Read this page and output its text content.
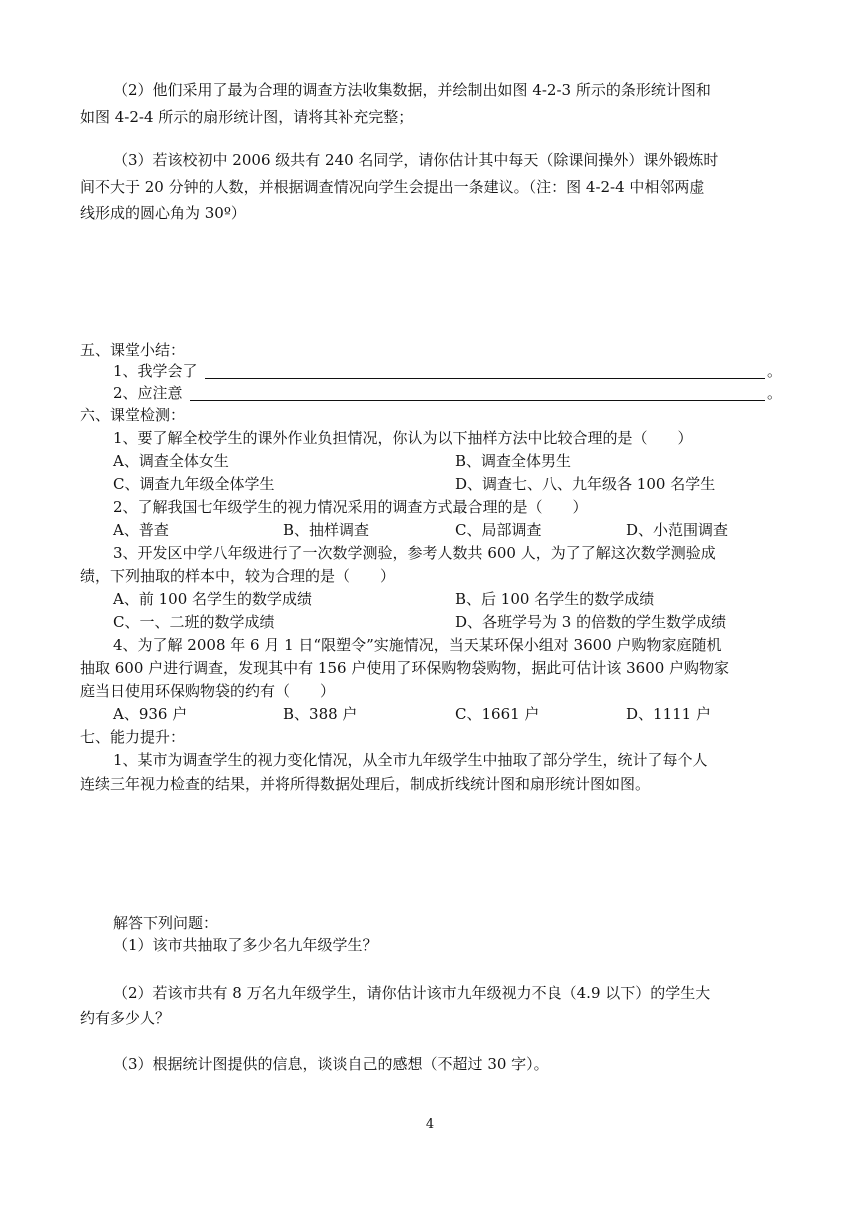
（2）他们采用了最为合理的调查方法收集数据，并绘制出如图 4-2-3 所示的条形统计图和
如图 4-2-4 所示的扇形统计图，请将其补充完整；
（3）若该校初中 2006 级共有 240 名同学，请你估计其中每天（除课间操外）课外锻炼时
间不大于 20 分钟的人数，并根据调查情况向学生会提出一条建议。（注：图 4-2-4 中相邻两虚
线形成的圆心角为 30º）
五、课堂小结：
1、我学会了	。
2、应注意	。
六、课堂检测：
1、要了解全校学生的课外作业负担情况，你认为以下抽样方法中比较合理的是（　　）
A、调查全体女生	B、调查全体男生
C、调查九年级全体学生	D、调查七、八、九年级各 100 名学生
2、了解我国七年级学生的视力情况采用的调查方式最合理的是（　　）
A、普查	B、抽样调查	C、局部调查	D、小范围调查
3、开发区中学八年级进行了一次数学测验，参考人数共 600 人，为了了解这次数学测验成
绩，下列抽取的样本中，较为合理的是（　　）
A、前 100 名学生的数学成绩	B、后 100 名学生的数学成绩
C、一、二班的数学成绩	D、各班学号为 3 的倍数的学生数学成绩
4、为了解 2008 年 6 月 1 日“限塑令”实施情况，当天某环保小组对 3600 户购物家庭随机
抽取 600 户进行调查，发现其中有 156 户使用了环保购物袋购物，据此可估计该 3600 户购物家
庭当日使用环保购物袋的约有（　　）
A、936 户	B、388 户	C、1661 户	D、1111 户
七、能力提升：
1、某市为调查学生的视力变化情况，从全市九年级学生中抽取了部分学生，统计了每个人
连续三年视力检查的结果，并将所得数据处理后，制成折线统计图和扇形统计图如图。
解答下列问题：
（1）该市共抽取了多少名九年级学生？
（2）若该市共有 8 万名九年级学生，请你估计该市九年级视力不良（4.9 以下）的学生大
约有多少人？
（3）根据统计图提供的信息，谈谈自己的感想（不超过 30 字）。
4
